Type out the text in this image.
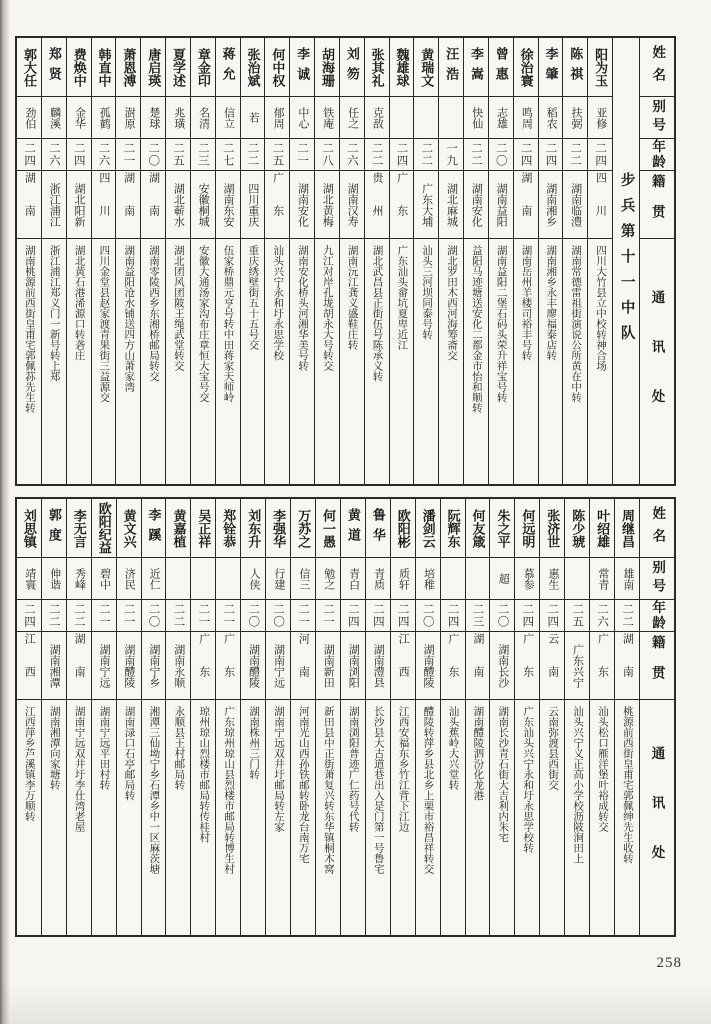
姓名
别号
年龄
籍贯
通讯处
步兵第十一中队
阳为玉
亚修
二四
四川
四川大竹县立中校转神合场
陈祺
扶弼
二二
湖南临澧
湖南常德雷祖街演说公所黄在中转
李肇
稻农
二四
湖南湘乡
湖南湘乡永丰廖福泰店转
徐治寰
鸣周
二四
湖南
湖南岳州羊楼司裕丰号转
曾惠
志雄
二〇
湖南益阳
湖南益阳二堡石码头荣升祥宝号转
李嵩
快仙
二二
湖南安化
益阳马迹塘送安化二都金市怡和顺转
汪浩
一九
湖北麻城
湖北罗田木西河海筹斋交
黄瑞文
二二
广东大埔
汕头三河坝同泰号转
魏雄球
二四
广东
广东汕头畲坑夏卑近江
张其礼
克敌
二二
贵州
湖北武昌县正街伍号陈承义转
刘笏
任之
二六
湖南汉寿
湖南沅江龚义盛鞋庄转
胡海珊
铁庵
二八
湖北黄梅
九江对岸孔垅胡永大号转交
李诚
中心
二一
湖南安化
湖南安化桥头河湘华美号转
何中权
郁周
二五
广东
汕头兴宁永和圩永思学校
张治斌
若
二二
四川重庆
重庆绣壁街五十五号交
蒋允
信立
二七
湖南东安
伍家桥鼎元亨号转中田蒋家天师岭
章金印
名清
二三
安徽桐城
安徽大通汤家沟布庄章恒大宝号交
夏学述
兆璜
二五
湖北蕲水
湖北团风团陂王绳武堂转交
唐启瑛
楚球
二〇
湖南
湖南零陵西乡东湘桥邮局转交
萧恩溥
澍原
二一
湖南
湖南益阳沧水铺送四方山萧家湾
韩直中
孤鹤
二六
四川
四川金堂县赵家渡青果街三益源交
费焕中
金华
二四
湖北阳新
湖北黄石港浠源口转砻庄
郑贤
麟溪
二六
浙江浦江
浙江浦江郑义门一新号转上郑
郭大任
劲伯
二四
湖南
湖南桃源前西街皇甫宅郭佩荪先生转
姓名
别号
年龄
籍贯
通讯处
周继昌
雄南
二二
湖南
桃源前西街皇甫宅郭佩绅先生收转
叶绍雄
常青
二六
广东
汕头松口雁洋堡叶裕成转交
陈少琥
二五
广东兴宁
汕头兴宁义正高小学校沥陂涧田上
张济世
惠生
二四
云南
云南弥渡县西街交
何远明
慕参
二四
广东
广东汕头兴宁永和圩永思学校转
朱之平
超
二〇
湖南长沙
湖南长沙青石街大吉利内朱宅
何友箴
二三
湖南
湖南醴陵泗汾化龙港
阮辉东
二四
广东
汕头蕉岭大兴堂转
潘剑云
培稚
二〇
湖南醴陵
醴陵转萍乡县北乡上栗市裕昌祥转交
欧阳彬
质轩
二四
江西
江西安福东乡竹江背下江边
鲁华
青质
二四
湖南澧县
长沙县大古道巷出入是门第一号鲁宅
黄道
青白
二四
湖南浏阳
湖南浏阳普迹广仁药号代转
何一愚
勉之
二一
湖南新田
新田县中正街萧复兴转东华镇桐木窝
万苏之
信三
二一
河南
河南光山西孙铁邮转卧龙台南万宅
李强华
行建
二〇
湖南宁远
湖南宁远双井圩邮局转左家
刘东升
人侠
二〇
湖南醴陵
湖南株州三门转
郑铨恭
二一
广东
广东琼州琼山县烈楼市邮局转博生村
吴正祥
二一
广东
琼州琼山烈楼市邮局转传桂村
黄嘉植
二二
湖南永顺
永顺县王村邮局转
李蹊
近仁
二〇
湖南宁乡
湘潭三仙坳宁乡石潭乡中一区麻茨塘
黄文兴
济民
二一
湖南醴陵
湖南渌口石亭邮局转
欧阳纪益
碧中
二一
湖南宁远
湖南宁远平田村转
李无言
秀峰
二二
湖南
湖南宁远双井圩李仕湾老屋
郭度
伸谐
二二
湖南湘潭
湖南湘潭向家塘转
刘思镇
靖寰
二四
江西
江西萍乡芦溪镇李万顺转
258
